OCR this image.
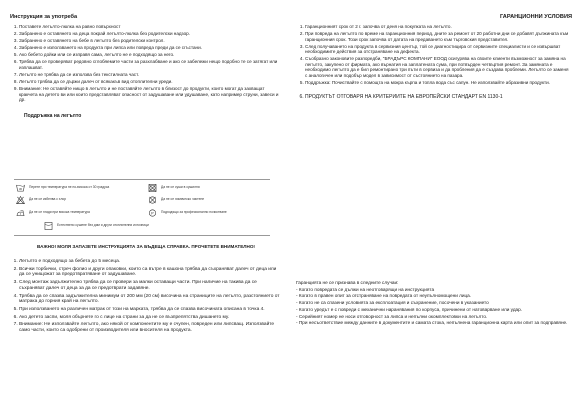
Инструкция за употреба
1. Поставете легълто-люлка на равно повърхност
2. Забранено е оставянето на деца покрай легълто-люлка без родителски надзор.
3. Забранено е оставянето на бебе в легълто без родителски контрол.
4. Забранено е използването на продукта при липса или повреда преди да се сгъстани.
5. Ако бебето дойки или се изправя сама, легълто не е подходящо за него.
6. Трябва да се проверяват редовно сглобяемите части за разхлабване и ако се забележи нещо подобно те се затягат или изплашват.
7. Легълто не трябва да се използва без текстилната част.
8. Легълто трябва да се държи далеч от всякакъв вид отоплителни уреди.
9. Внимание: Не оставяйте нищо в легълто и не поставяйте легълто в близост до продукти, които могат да захващат кракчета на детето ви или които представляват опасност от задушаване или удушаване, като например струни, завеси и др.
Поддръжка на легълто
30
Перете при температура не по-висока от 30 градуса	Да не се суши в сушилня
Да не се избелва с хлор	Да не се химическо чистене
Да не се глади при висока температура	P Подходящо за професионално почистване
Естествено сушене без дим и други отоплителни източници
ВАЖНО! МОЛЯ ЗАПАЗЕТЕ ИНСТРУКЦИЯТА ЗА БЪДЕЩА СПРАВКА. ПРОЧЕТЕТЕ ВНИМАТЕЛНО!
1. Легълто е подходящо за бебета до 5 месеца.
2. Всички торбички, стреч фолио и други опаковки, които са вътре в кашона трябва да съхраняват далеч от деца или да се унищожат за предотвратяване от задушаване.
3. След монтаж задължително трябва да се провери за малки оставащи части. При наличие на такива да се съхраняват далеч от деца за да се предотврати задавяне.
4. Трябва да се спазва задължителна минимум от 200 мм (20 см) височина на страниците на легълто, разстоянието от матрака до горния край на легълто.
5. При използването на различен матрак от този на марката, трябва да се спазва височината описана в точка 4.
6. Ако детето заспи, моля обърнете го с лице на страни за да не се възпрепятства дишането му.
7. Внимание: Не използвайте легълто, ако някой от компонентите му е счупен, повреден или липсващ. Използвайте само части, които са одобрени от производителя или вносителя на продукта.
ГАРАНЦИОННИ УСЛОВИЯ
1. Гаранционният срок от 2 г. започва от деня на покупката на легълто.
2. При повреда на легълто по време на гаранционния период, дните за ремонт от 20 работни дни се добавят дължината към гаранционния срок. Този срок започва от датата на предаването към търговския представител.
3. След получаването на продукта в сервизния център, той се диагностицира от сервизните специалисти и се извършват необходимите действия за отстраняване на дефекта.
4. Съобразно законовите разпоредби, "БРАДЪРС КОМПАНИ" ЕООД осигурява на своите клиенти възможност за замяна на легълто, закупено от фирмата, ако върнатия на заплатената сума, при потвърден четвъртия ремонт. За замяната е необходимо легълто да е бил ремонтирано три пъти в сервиза и да пробления да е създава проблеми. Легълто се заменя с аналогичен или подобър модел в зависимост от състоянието на пазара.
5. Поддръжка: Почиствайте с помощта на мокра кърпа и топла вода със сапун. Не използвайте абразивни продукти.
6. ПРОДУКТЪТ ОТГОВАРЯ НА КРИТЕРИИТЕ НА ЕВРОПЕЙСКИ СТАНДАРТ EN 1130-1

Гаранцията не се признава в следните случаи:

- Когато повредата се дължи на неотговарящи на инструкцията

- Когато в правен опит за отстраняване на повредата от неупълномощени лица.

- Когато не са спазени условията за експлоатация и съхранение, посочени в указанието

- Когато уредът е с повреди с механични наранявания по корпуса, причинени от натоварване или удар.

- Серийният номер не носи отговорност за липса и непълни окомплектовки на легълто.

- При несъответствие между данните в документите и самата стока, непълнена гаранционна карта или опит за подправяне.
